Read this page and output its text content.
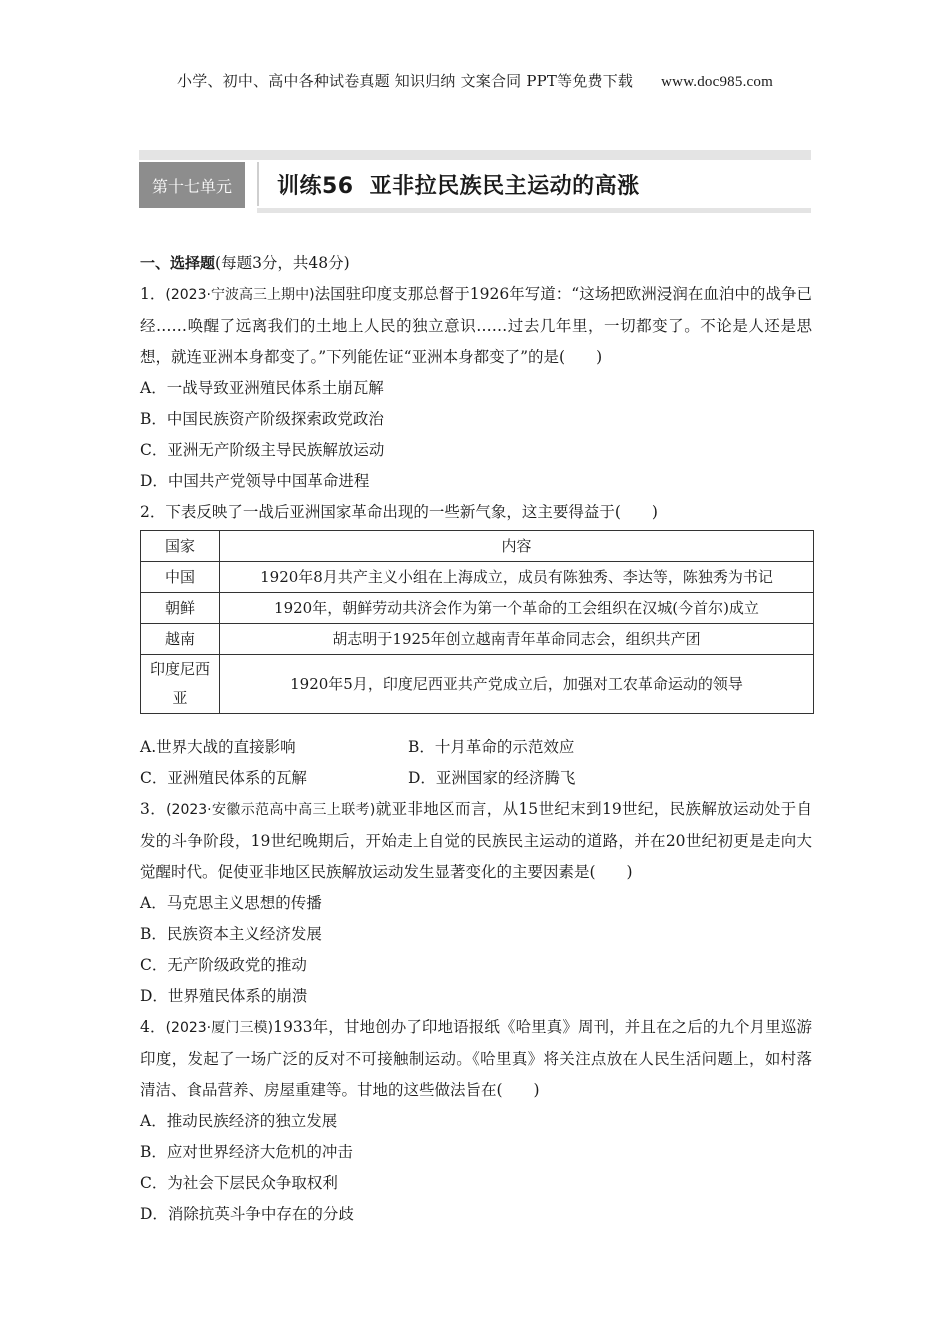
小学、初中、高中各种试卷真题 知识归纳 文案合同 PPT等免费下载 www.doc985.com
第十七单元	训练56 亚非拉民族民主运动的高涨
一、选择题(每题3分，共48分)
1．(2023·宁波高三上期中)法国驻印度支那总督于1926年写道：“这场把欧洲浸润在血泊中的战争已经……唤醒了远离我们的土地上人民的独立意识……过去几年里，一切都变了。不论是人还是思想，就连亚洲本身都变了。”下列能佐证“亚洲本身都变了”的是(　　)
A．一战导致亚洲殖民体系土崩瓦解
B．中国民族资产阶级探索政党政治
C．亚洲无产阶级主导民族解放运动
D．中国共产党领导中国革命进程
2．下表反映了一战后亚洲国家革命出现的一些新气象，这主要得益于(　　)
国家	内容
中国	1920年8月共产主义小组在上海成立，成员有陈独秀、李达等，陈独秀为书记
朝鲜	1920年，朝鲜劳动共济会作为第一个革命的工会组织在汉城(今首尔)成立
越南	胡志明于1925年创立越南青年革命同志会，组织共产团
印度尼西亚	1920年5月，印度尼西亚共产党成立后，加强对工农革命运动的领导
A.世界大战的直接影响	B．十月革命的示范效应
C．亚洲殖民体系的瓦解	D．亚洲国家的经济腾飞
3．(2023·安徽示范高中高三上联考)就亚非地区而言，从15世纪末到19世纪，民族解放运动处于自发的斗争阶段，19世纪晚期后，开始走上自觉的民族民主运动的道路，并在20世纪初更是走向大觉醒时代。促使亚非地区民族解放运动发生显著变化的主要因素是(　　)
A．马克思主义思想的传播
B．民族资本主义经济发展
C．无产阶级政党的推动
D．世界殖民体系的崩溃
4．(2023·厦门三模)1933年，甘地创办了印地语报纸《哈里真》周刊，并且在之后的九个月里巡游印度，发起了一场广泛的反对不可接触制运动。《哈里真》将关注点放在人民生活问题上，如村落清洁、食品营养、房屋重建等。甘地的这些做法旨在(　　)
A．推动民族经济的独立发展
B．应对世界经济大危机的冲击
C．为社会下层民众争取权利
D．消除抗英斗争中存在的分歧
